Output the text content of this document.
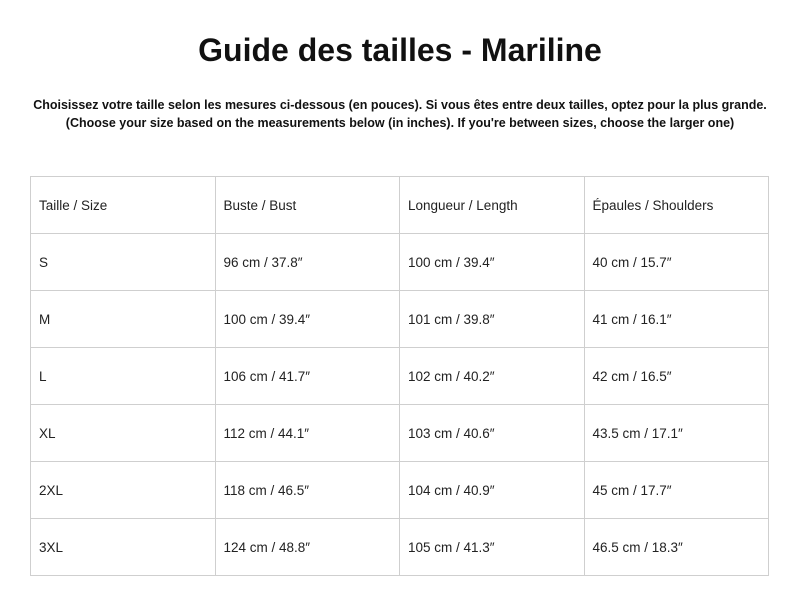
Guide des tailles - Mariline
Choisissez votre taille selon les mesures ci-dessous (en pouces). Si vous êtes entre deux tailles, optez pour la plus grande.
(Choose your size based on the measurements below (in inches). If you're between sizes, choose the larger one)
Taille / Size	Buste / Bust	Longueur / Length	Épaules / Shoulders
S	96 cm / 37.8″	100 cm / 39.4″	40 cm / 15.7″
M	100 cm / 39.4″	101 cm / 39.8″	41 cm / 16.1″
L	106 cm / 41.7″	102 cm / 40.2″	42 cm / 16.5″
XL	112 cm / 44.1″	103 cm / 40.6″	43.5 cm / 17.1″
2XL	118 cm / 46.5″	104 cm / 40.9″	45 cm / 17.7″
3XL	124 cm / 48.8″	105 cm / 41.3″	46.5 cm / 18.3″
